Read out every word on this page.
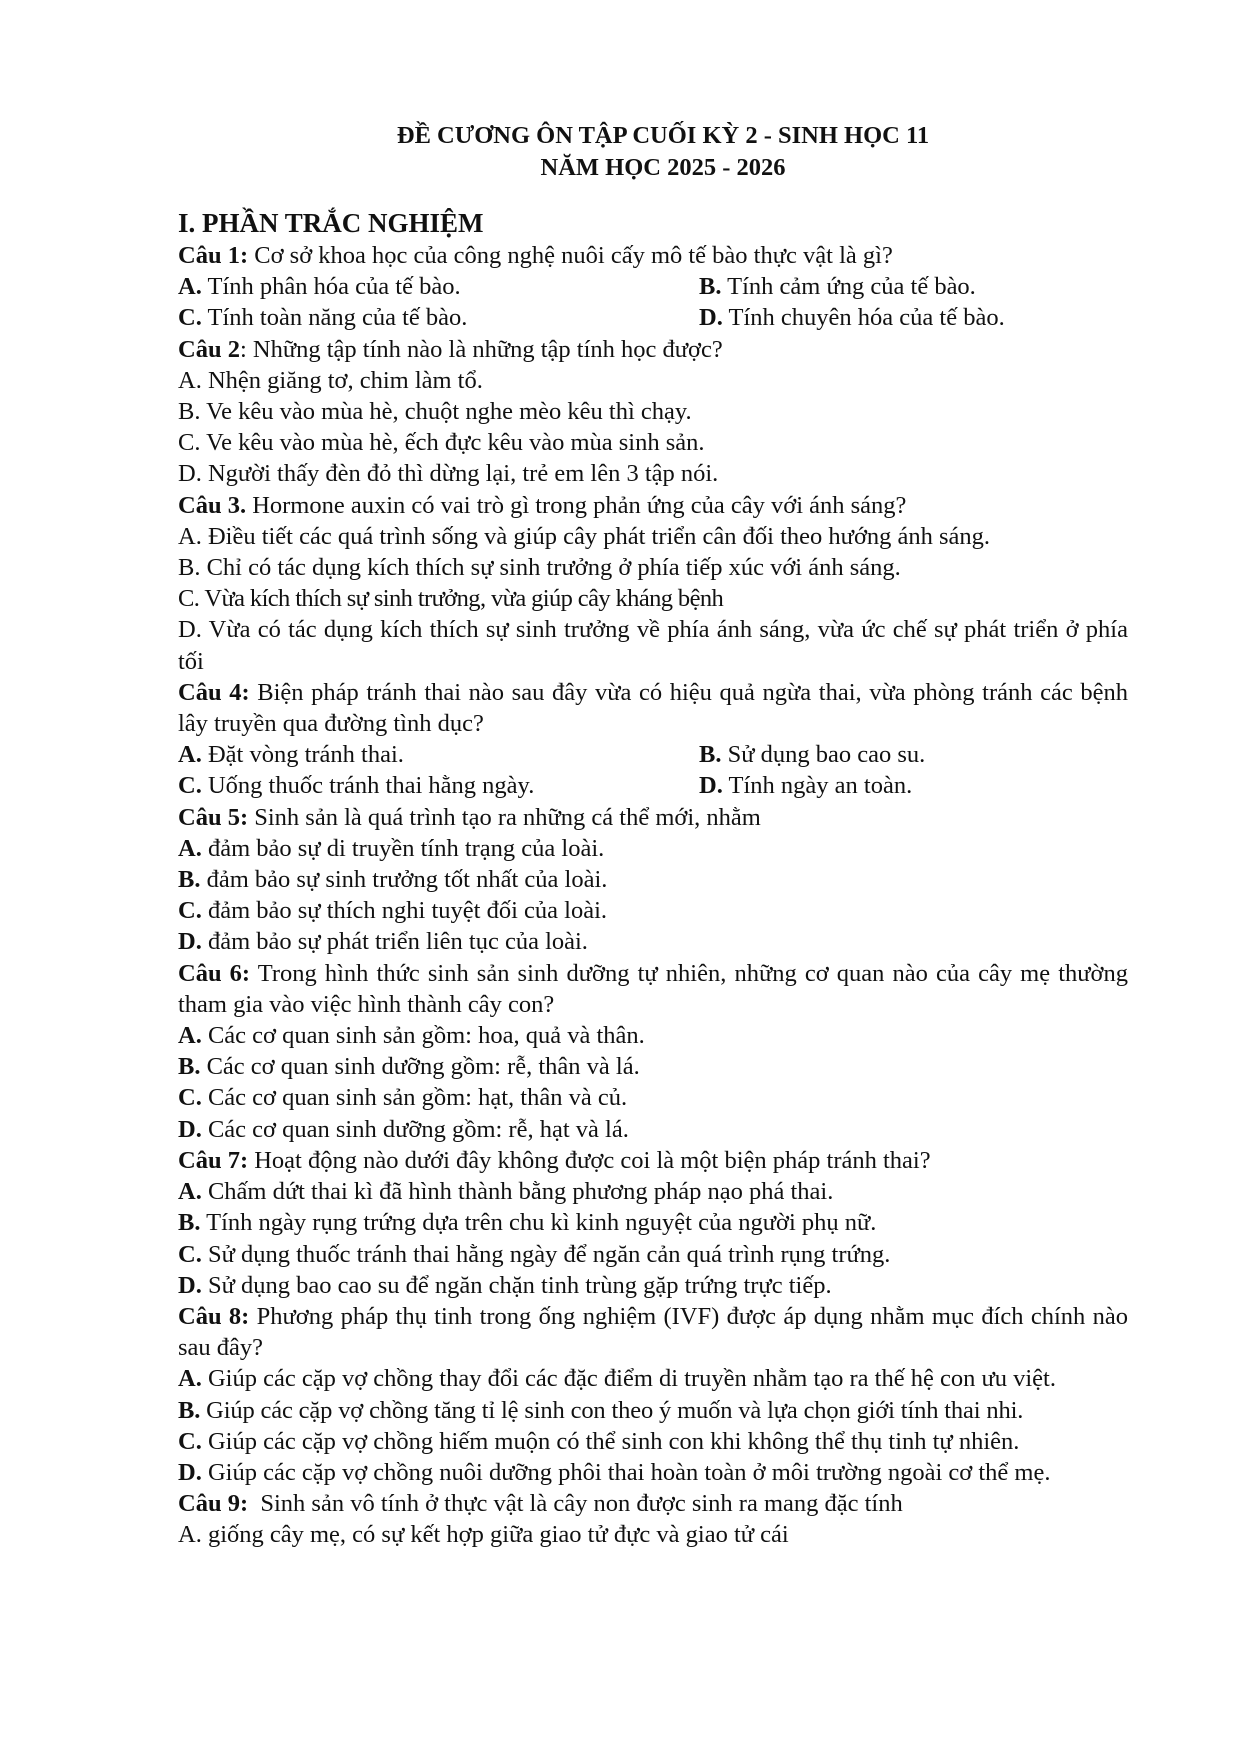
ĐỀ CƯƠNG ÔN TẬP CUỐI KỲ 2 - SINH HỌC 11
NĂM HỌC 2025 - 2026
I. PHẦN TRẮC NGHIỆM
Câu 1: Cơ sở khoa học của công nghệ nuôi cấy mô tế bào thực vật là gì?
A. Tính phân hóa của tế bào.	B. Tính cảm ứng của tế bào.
C. Tính toàn năng của tế bào.	D. Tính chuyên hóa của tế bào.
Câu 2: Những tập tính nào là những tập tính học được?
A. Nhện giăng tơ, chim làm tổ.
B. Ve kêu vào mùa hè, chuột nghe mèo kêu thì chạy.
C. Ve kêu vào mùa hè, ếch đực kêu vào mùa sinh sản.
D. Người thấy đèn đỏ thì dừng lại, trẻ em lên 3 tập nói.
Câu 3. Hormone auxin có vai trò gì trong phản ứng của cây với ánh sáng?
A. Điều tiết các quá trình sống và giúp cây phát triển cân đối theo hướng ánh sáng.
B. Chỉ có tác dụng kích thích sự sinh trưởng ở phía tiếp xúc với ánh sáng.
C. Vừa kích thích sự sinh trưởng, vừa giúp cây kháng bệnh
D. Vừa có tác dụng kích thích sự sinh trưởng về phía ánh sáng, vừa ức chế sự phát triển ở phía tối
Câu 4: Biện pháp tránh thai nào sau đây vừa có hiệu quả ngừa thai, vừa phòng tránh các bệnh lây truyền qua đường tình dục?
A. Đặt vòng tránh thai.	B. Sử dụng bao cao su.
C. Uống thuốc tránh thai hằng ngày.	D. Tính ngày an toàn.
Câu 5: Sinh sản là quá trình tạo ra những cá thể mới, nhằm
A. đảm bảo sự di truyền tính trạng của loài.
B. đảm bảo sự sinh trưởng tốt nhất của loài.
C. đảm bảo sự thích nghi tuyệt đối của loài.
D. đảm bảo sự phát triển liên tục của loài.
Câu 6: Trong hình thức sinh sản sinh dưỡng tự nhiên, những cơ quan nào của cây mẹ thường tham gia vào việc hình thành cây con?
A. Các cơ quan sinh sản gồm: hoa, quả và thân.
B. Các cơ quan sinh dưỡng gồm: rễ, thân và lá.
C. Các cơ quan sinh sản gồm: hạt, thân và củ.
D. Các cơ quan sinh dưỡng gồm: rễ, hạt và lá.
Câu 7: Hoạt động nào dưới đây không được coi là một biện pháp tránh thai?
A. Chấm dứt thai kì đã hình thành bằng phương pháp nạo phá thai.
B. Tính ngày rụng trứng dựa trên chu kì kinh nguyệt của người phụ nữ.
C. Sử dụng thuốc tránh thai hằng ngày để ngăn cản quá trình rụng trứng.
D. Sử dụng bao cao su để ngăn chặn tinh trùng gặp trứng trực tiếp.
Câu 8: Phương pháp thụ tinh trong ống nghiệm (IVF) được áp dụng nhằm mục đích chính nào sau đây?
A. Giúp các cặp vợ chồng thay đổi các đặc điểm di truyền nhằm tạo ra thế hệ con ưu việt.
B. Giúp các cặp vợ chồng tăng tỉ lệ sinh con theo ý muốn và lựa chọn giới tính thai nhi.
C. Giúp các cặp vợ chồng hiếm muộn có thể sinh con khi không thể thụ tinh tự nhiên.
D. Giúp các cặp vợ chồng nuôi dưỡng phôi thai hoàn toàn ở môi trường ngoài cơ thể mẹ.
Câu 9:  Sinh sản vô tính ở thực vật là cây non được sinh ra mang đặc tính
A. giống cây mẹ, có sự kết hợp giữa giao tử đực và giao tử cái
